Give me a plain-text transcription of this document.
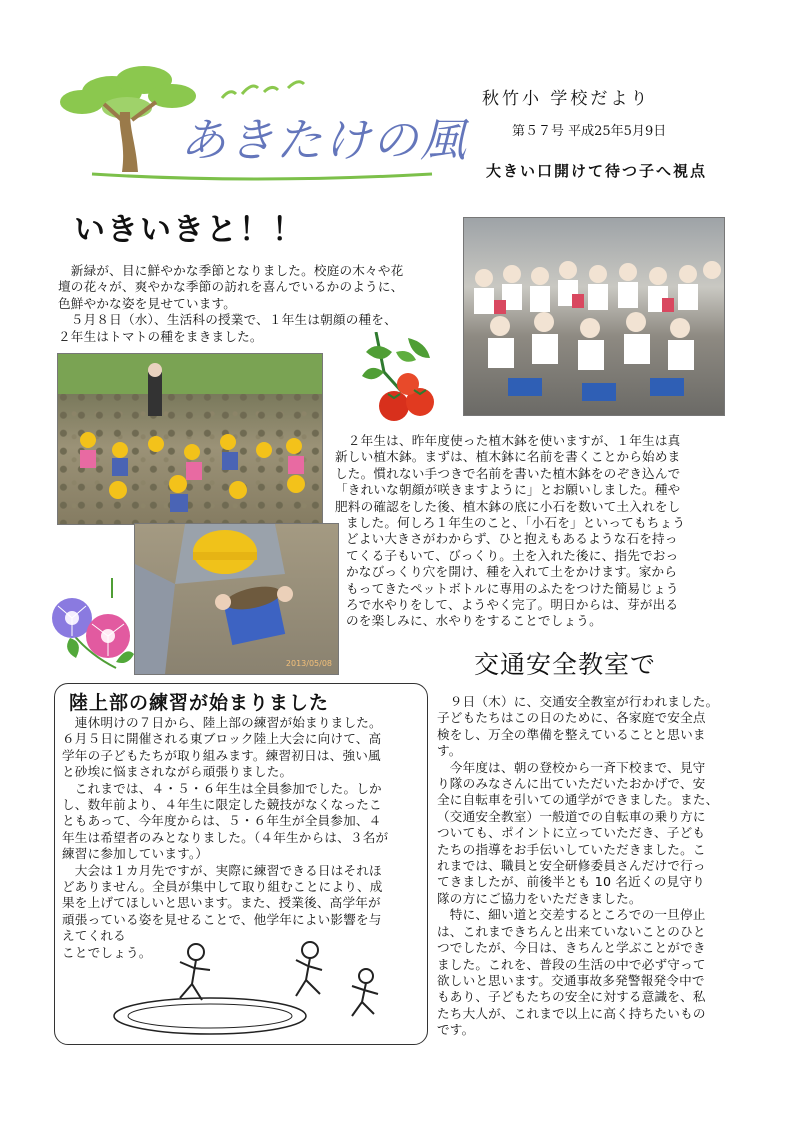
あきたけの風
秋竹小 学校だより
第５７号 平成25年5月9日
大きい口開けて待つ子へ視点
いきいきと！！

　新緑が、目に鮮やかな季節となりました。校庭の木々や花

壇の花々が、爽やかな季節の訪れを喜んでいるかのように、

色鮮やかな姿を見せています。

　５月８日（水）、生活科の授業で、１年生は朝顔の種を、

２年生はトマトの種をまきました。

2013/05/08

　２年生は、昨年度使った植木鉢を使いますが、１年生は真

新しい植木鉢。まずは、植木鉢に名前を書くことから始めま

した。慣れない手つきで名前を書いた植木鉢をのぞき込んで

「きれいな朝顔が咲きますように」とお願いしました。種や

肥料の確認をした後、植木鉢の底に小石を数いて土入れをし

ました。何しろ１年生のこと、「小石を」といってもちょう

どよい大きさがわからず、ひと抱えもあるような石を持っ

てくる子もいて、びっくり。土を入れた後に、指先でおっ

かなびっくり穴を開け、種を入れて土をかけます。家から

もってきたペットボトルに専用のふたをつけた簡易じょう

ろで水やりをして、ようやく完了。明日からは、芽が出る

のを楽しみに、水やりをすることでしょう。

交通安全教室で
陸上部の練習が始まりました

　連休明けの７日から、陸上部の練習が始まりました。

６月５日に開催される東ブロック陸上大会に向けて、高

学年の子どもたちが取り組みます。練習初日は、強い風

と砂埃に悩まされながら頑張りました。

　これまでは、４・５・６年生は全員参加でした。しか

し、数年前より、４年生に限定した競技がなくなったこ

ともあって、今年度からは、５・６年生が全員参加、４

年生は希望者のみとなりました。（４年生からは、３名が

練習に参加しています。）

　大会は１カ月先ですが、実際に練習できる日はそれほ

どありません。全員が集中して取り組むことにより、成

果を上げてほしいと思います。また、授業後、高学年が

頑張っている姿を見せることで、他学年によい影響を与

えてくれる

ことでしょう。

　９日（木）に、交通安全教室が行われました。

子どもたちはこの日のために、各家庭で安全点

検をし、万全の準備を整えていることと思いま

す。

　今年度は、朝の登校から一斉下校まで、見守

り隊のみなさんに出ていただいたおかげで、安

全に自転車を引いての通学ができました。また、

（交通安全教室）一般道での自転車の乗り方に

ついても、ポイントに立っていただき、子ども

たちの指導をお手伝いしていただきました。こ

れまでは、職員と安全研修委員さんだけで行っ

てきましたが、前後半とも 10 名近くの見守り

隊の方にご協力をいただきました。

　特に、細い道と交差するところでの一旦停止

は、これまできちんと出来ていないことのひと

つでしたが、今日は、きちんと学ぶことができ

ました。これを、普段の生活の中で必ず守って

欲しいと思います。交通事故多発警報発令中で

もあり、子どもたちの安全に対する意識を、私

たち大人が、これまで以上に高く持ちたいもの

です。
